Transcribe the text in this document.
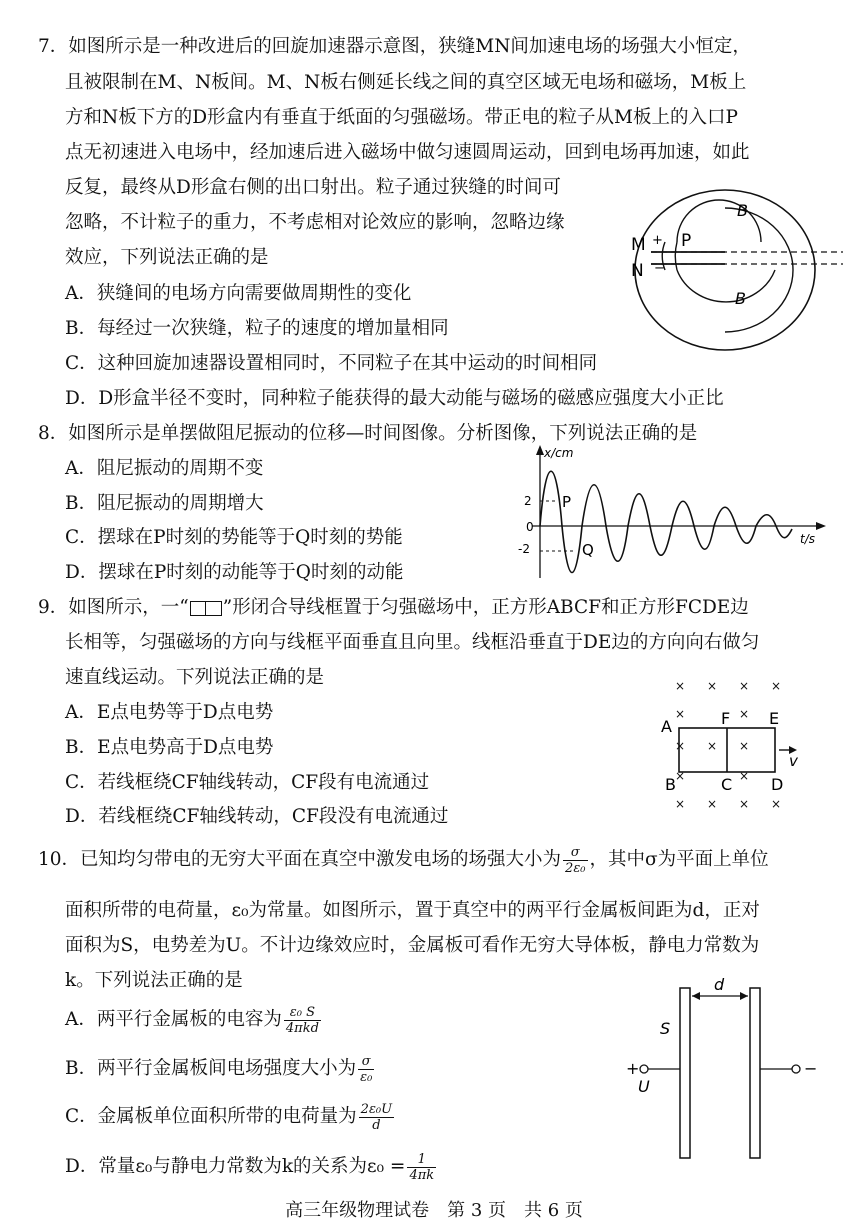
7．如图所示是一种改进后的回旋加速器示意图，狭缝MN间加速电场的场强大小恒定，
且被限制在M、N板间。M、N板右侧延长线之间的真空区域无电场和磁场，M板上
方和N板下方的D形盒内有垂直于纸面的匀强磁场。带正电的粒子从M板上的入口P
点无初速进入电场中，经加速后进入磁场中做匀速圆周运动，回到电场再加速，如此
反复，最终从D形盒右侧的出口射出。粒子通过狭缝的时间可
忽略，不计粒子的重力，不考虑相对论效应的影响，忽略边缘
效应，下列说法正确的是
A．狭缝间的电场方向需要做周期性的变化
B．每经过一次狭缝，粒子的速度的增加量相同
C．这种回旋加速器设置相同时，不同粒子在其中运动的时间相同
D．D形盒半径不变时，同种粒子能获得的最大动能与磁场的磁感应强度大小正比
M +
N −
P
B
B
8．如图所示是单摆做阻尼振动的位移—时间图像。分析图像，下列说法正确的是
A．阻尼振动的周期不变
B．阻尼振动的周期增大
C．摆球在P时刻的势能等于Q时刻的势能
D．摆球在P时刻的动能等于Q时刻的动能
x/cm
t/s
2
0
-2
P
Q
9．如图所示，一“ ”形闭合导线框置于匀强磁场中，正方形ABCF和正方形FCDE边
长相等，匀强磁场的方向与线框平面垂直且向里。线框沿垂直于DE边的方向向右做匀
速直线运动。下列说法正确的是
A．E点电势等于D点电势
B．E点电势高于D点电势
C．若线框绕CF轴线转动，CF段有电流通过
D．若线框绕CF轴线转动，CF段没有电流通过
× × × ×
×	×
× × ×
×	×
× × × ×
A	F E
B	C D
v
10．已知均匀带电的无穷大平面在真空中激发电场的场强大小为 $\frac{\sigma}{\text{2ε₀}}$ ，其中σ为平面上单位
面积所带的电荷量，ε₀为常量。如图所示，置于真空中的两平行金属板间距为d，正对
面积为S，电势差为U。不计边缘效应时，金属板可看作无穷大导体板，静电力常数为
k。下列说法正确的是
A．两平行金属板的电容为 $\frac{\text{ε₀ S}}{\text{4πkd}}$
B．两平行金属板间电场强度大小为 $\frac{\sigma}{\text{ε₀}}$
C．金属板单位面积所带的电荷量为 $\frac{\text{2ε₀U}}{d}$
D．常量ε₀与静电力常数为k的关系为$\varepsilon_0 = \frac{1}{4\pi k}$
d
S
+
U
−
高三年级物理试卷　第 3 页　共 6 页
